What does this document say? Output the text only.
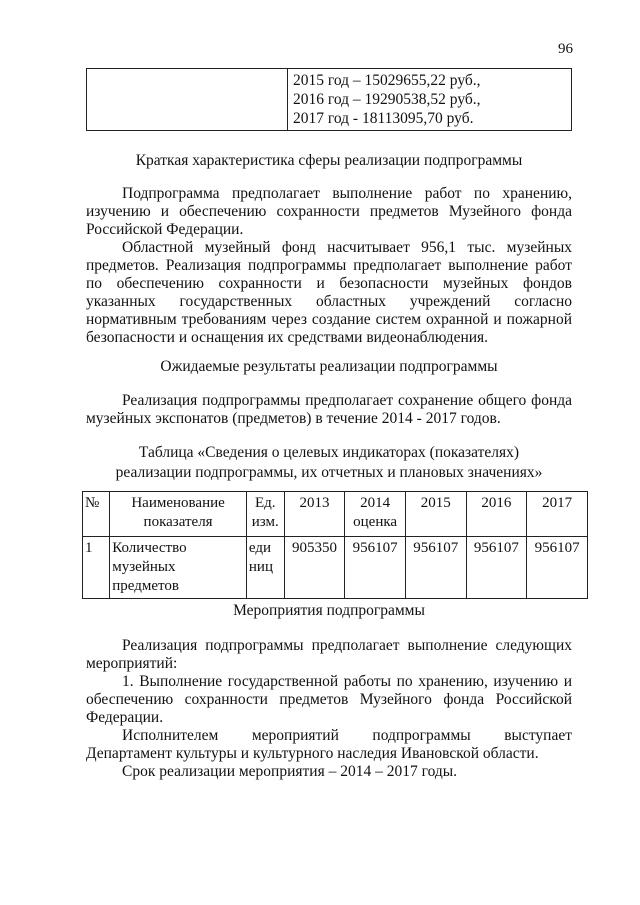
96

2015 год – 15029655,22 руб.,
2016 год – 19290538,52 руб.,
2017 год - 18113095,70 руб.
Краткая характеристика сферы реализации подпрограммы
Подпрограмма предполагает выполнение работ по хранению, изучению и обеспечению сохранности предметов Музейного фонда Российской Федерации.
Областной музейный фонд насчитывает 956,1 тыс. музейных предметов. Реализация подпрограммы предполагает выполнение работ по обеспечению сохранности и безопасности музейных фондов указанных государственных областных учреждений согласно нормативным требованиям через создание систем охранной и пожарной безопасности и оснащения их средствами видеонаблюдения.
Ожидаемые результаты реализации подпрограммы
Реализация подпрограммы предполагает сохранение общего фонда музейных экспонатов (предметов) в течение 2014 - 2017 годов.
Таблица «Сведения о целевых индикаторах (показателях)
реализации подпрограммы, их отчетных и плановых значениях»
№	Наименование показателя	Ед. изм.	2013	2014 оценка	2015	2016	2017
1	Количество музейных предметов	еди ниц	905350	956107	956107	956107	956107
Мероприятия подпрограммы
Реализация подпрограммы предполагает выполнение следующих мероприятий:
1. Выполнение государственной работы по хранению, изучению и обеспечению сохранности предметов Музейного фонда Российской Федерации.
Исполнителем мероприятий подпрограммы выступает Департамент культуры и культурного наследия Ивановской области.
Срок реализации мероприятия – 2014 – 2017 годы.
